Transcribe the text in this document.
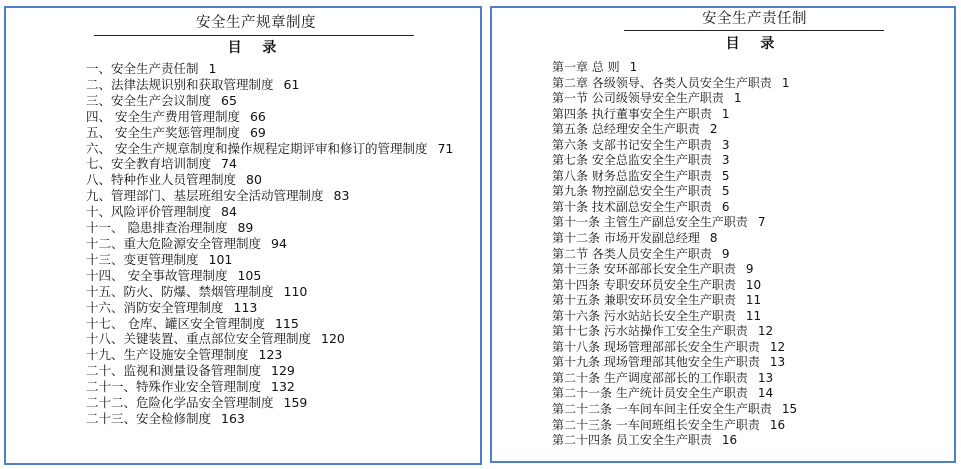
安全生产规章制度
目 录
一、安全生产责任制 1
二、法律法规识别和获取管理制度 61
三、安全生产会议制度 65
四、 安全生产费用管理制度 66
五、 安全生产奖惩管理制度 69
六、 安全生产规章制度和操作规程定期评审和修订的管理制度 71
七、安全教育培训制度 74
八、特种作业人员管理制度 80
九、管理部门、基层班组安全活动管理制度 83
十、风险评价管理制度 84
十一、 隐患排查治理制度 89
十二、重大危险源安全管理制度 94
十三、变更管理制度 101
十四、 安全事故管理制度 105
十五、防火、防爆、禁烟管理制度 110
十六、消防安全管理制度 113
十七、 仓库、罐区安全管理制度 115
十八、关键装置、重点部位安全管理制度 120
十九、生产设施安全管理制度 123
二十、监视和测量设备管理制度 129
二十一、特殊作业安全管理制度 132
二十二、危险化学品安全管理制度 159
二十三、安全检修制度 163
安全生产责任制
目 录
第一章 总 则 1
第二章 各级领导、各类人员安全生产职责 1
第一节 公司级领导安全生产职责 1
第四条 执行董事安全生产职责 1
第五条 总经理安全生产职责 2
第六条 支部书记安全生产职责 3
第七条 安全总监安全生产职责 3
第八条 财务总监安全生产职责 5
第九条 物控副总安全生产职责 5
第十条 技术副总安全生产职责 6
第十一条 主管生产副总安全生产职责 7
第十二条 市场开发副总经理 8
第二节 各类人员安全生产职责 9
第十三条 安环部部长安全生产职责 9
第十四条 专职安环员安全生产职责 10
第十五条 兼职安环员安全生产职责 11
第十六条 污水站站长安全生产职责 11
第十七条 污水站操作工安全生产职责 12
第十八条 现场管理部部长安全生产职责 12
第十九条 现场管理部其他安全生产职责 13
第二十条 生产调度部部长的工作职责 13
第二十一条 生产统计员安全生产职责 14
第二十二条 一车间车间主任安全生产职责 15
第二十三条 一车间班组长安全生产职责 16
第二十四条 员工安全生产职责 16
